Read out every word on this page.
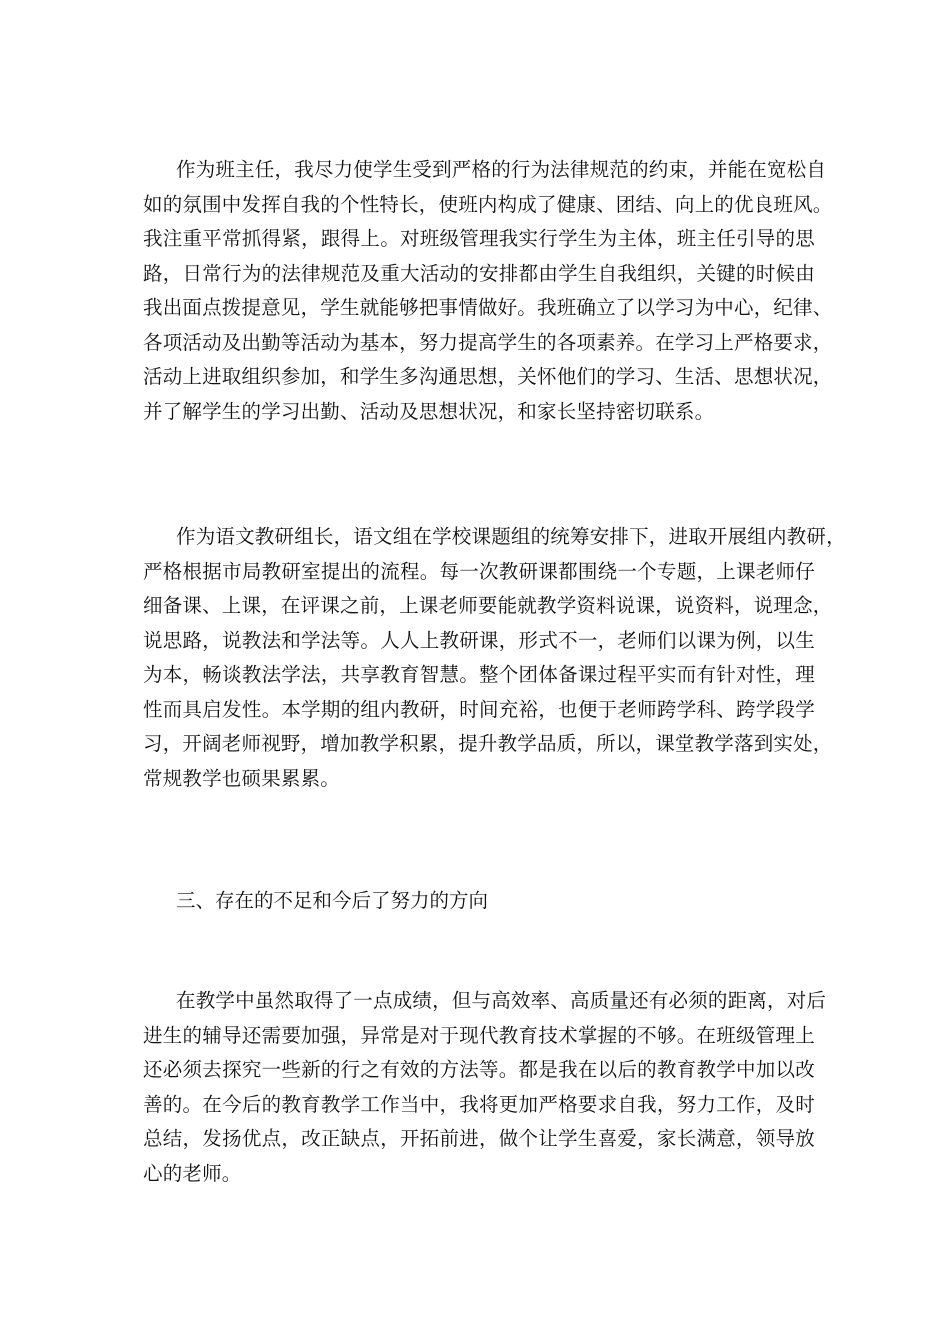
作为班主任，我尽力使学生受到严格的行为法律规范的约束，并能在宽松自
如的氛围中发挥自我的个性特长，使班内构成了健康、团结、向上的优良班风。
我注重平常抓得紧，跟得上。对班级管理我实行学生为主体，班主任引导的思
路，日常行为的法律规范及重大活动的安排都由学生自我组织，关键的时候由
我出面点拨提意见，学生就能够把事情做好。我班确立了以学习为中心，纪律、
各项活动及出勤等活动为基本，努力提高学生的各项素养。在学习上严格要求，
活动上进取组织参加，和学生多沟通思想，关怀他们的学习、生活、思想状况，
并了解学生的学习出勤、活动及思想状况，和家长坚持密切联系。
作为语文教研组长，语文组在学校课题组的统筹安排下，进取开展组内教研，
严格根据市局教研室提出的流程。每一次教研课都围绕一个专题，上课老师仔
细备课、上课，在评课之前，上课老师要能就教学资料说课，说资料，说理念，
说思路，说教法和学法等。人人上教研课，形式不一，老师们以课为例，以生
为本，畅谈教法学法，共享教育智慧。整个团体备课过程平实而有针对性，理
性而具启发性。本学期的组内教研，时间充裕，也便于老师跨学科、跨学段学
习，开阔老师视野，增加教学积累，提升教学品质，所以，课堂教学落到实处，
常规教学也硕果累累。
三、存在的不足和今后了努力的方向
在教学中虽然取得了一点成绩，但与高效率、高质量还有必须的距离，对后
进生的辅导还需要加强，异常是对于现代教育技术掌握的不够。在班级管理上
还必须去探究一些新的行之有效的方法等。都是我在以后的教育教学中加以改
善的。在今后的教育教学工作当中，我将更加严格要求自我，努力工作，及时
总结，发扬优点，改正缺点，开拓前进，做个让学生喜爱，家长满意，领导放
心的老师。
